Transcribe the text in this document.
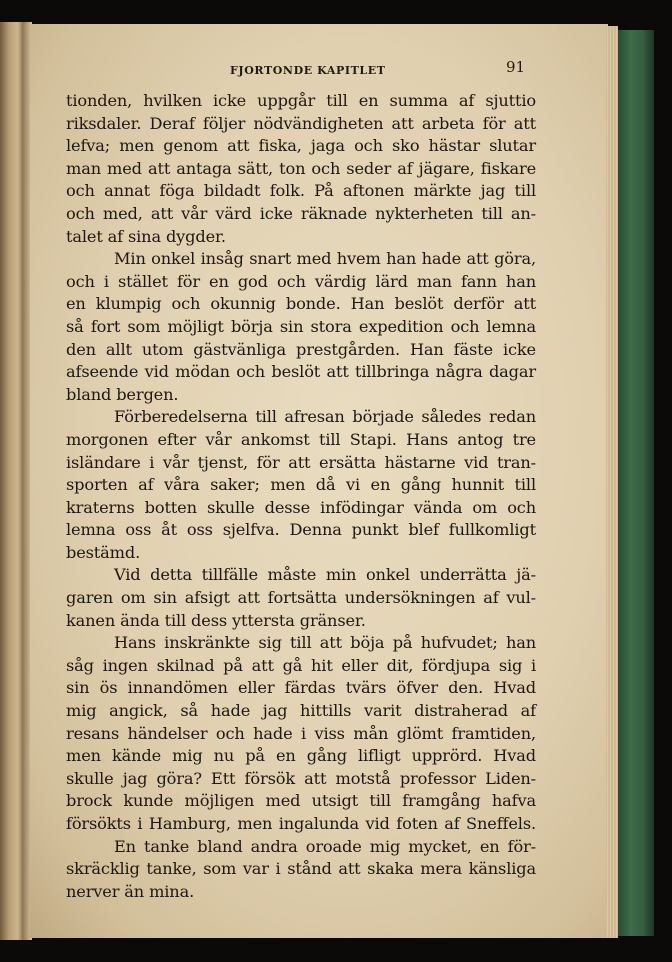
FJORTONDE KAPITLET	91
tionden, hvilken icke uppgår till en summa af sjuttio
riksdaler. Deraf följer nödvändigheten att arbeta för att
lefva; men genom att fiska, jaga och sko hästar slutar
man med att antaga sätt, ton och seder af jägare, fiskare
och annat föga bildadt folk. På aftonen märkte jag till
och med, att vår värd icke räknade nykterheten till an-
talet af sina dygder.
Min onkel insåg snart med hvem han hade att göra,
och i stället för en god och värdig lärd man fann han
en klumpig och okunnig bonde. Han beslöt derför att
så fort som möjligt börja sin stora expedition och lemna
den allt utom gästvänliga prestgården. Han fäste icke
afseende vid mödan och beslöt att tillbringa några dagar
bland bergen.
Förberedelserna till afresan började således redan
morgonen efter vår ankomst till Stapi. Hans antog tre
isländare i vår tjenst, för att ersätta hästarne vid tran-
sporten af våra saker; men då vi en gång hunnit till
kraterns botten skulle desse infödingar vända om och
lemna oss åt oss sjelfva. Denna punkt blef fullkomligt
bestämd.
Vid detta tillfälle måste min onkel underrätta jä-
garen om sin afsigt att fortsätta undersökningen af vul-
kanen ända till dess yttersta gränser.
Hans inskränkte sig till att böja på hufvudet; han
såg ingen skilnad på att gå hit eller dit, fördjupa sig i
sin ös innandömen eller färdas tvärs öfver den. Hvad
mig angick, så hade jag hittills varit distraherad af
resans händelser och hade i viss mån glömt framtiden,
men kände mig nu på en gång lifligt upprörd. Hvad
skulle jag göra? Ett försök att motstå professor Liden-
brock kunde möjligen med utsigt till framgång hafva
försökts i Hamburg, men ingalunda vid foten af Sneffels.
En tanke bland andra oroade mig mycket, en för-
skräcklig tanke, som var i stånd att skaka mera känsliga
nerver än mina.
